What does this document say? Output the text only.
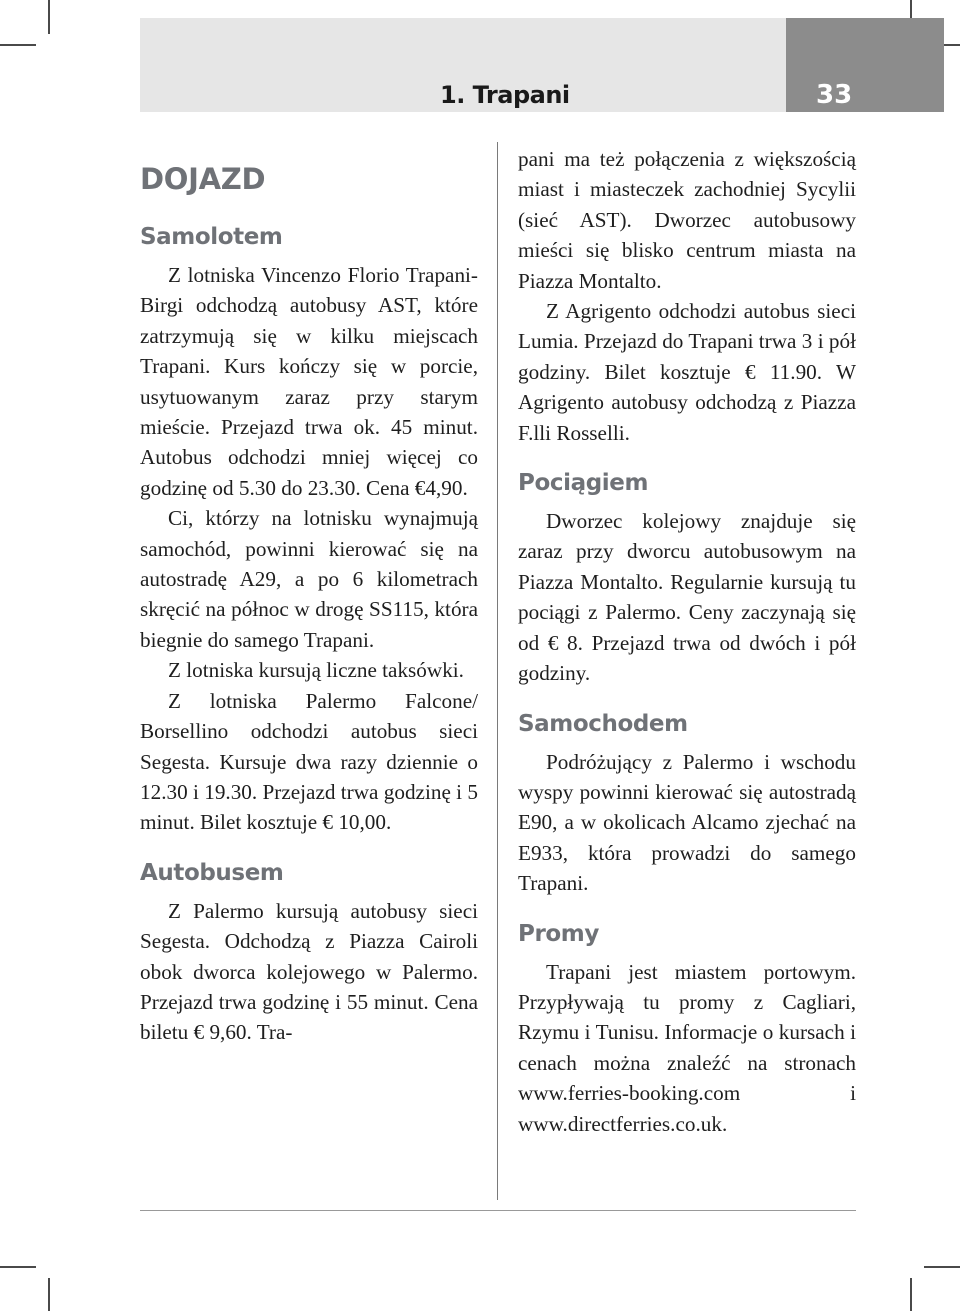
1. Trapani	33
DOJAZD
Samolotem

Z lotniska Vincenzo Florio Trapani-Birgi odchodzą autobusy AST, które zatrzymują się w kilku miejscach Trapani. Kurs kończy się w porcie, usytuowanym zaraz przy starym mieście. Przejazd trwa ok. 45 minut. Autobus odchodzi mniej więcej co godzinę od 5.30 do 23.30. Cena €4,90.

Ci, którzy na lotnisku wynajmują samochód, powinni kierować się na autostradę A29, a po 6 kilometrach skręcić na północ w drogę SS115, która biegnie do samego Trapani.

Z lotniska kursują liczne taksówki.

Z lotniska Palermo Falcone/ Borsellino odchodzi autobus sieci Segesta. Kursuje dwa razy dziennie o 12.30 i 19.30. Przejazd trwa godzinę i 5 minut. Bilet kosztuje € 10,00.

Autobusem

Z Palermo kursują autobusy sieci Segesta. Odchodzą z Piazza Cairoli obok dworca kolejowego w Palermo. Przejazd trwa godzinę i 55 minut. Cena biletu € 9,60. Tra-

pani ma też połączenia z większością miast i miasteczek zachodniej Sycylii (sieć AST). Dworzec autobusowy mieści się blisko centrum miasta na Piazza Montalto.

Z Agrigento odchodzi autobus sieci Lumia. Przejazd do Trapani trwa 3 i pół godziny. Bilet kosztuje € 11.90. W Agrigento autobusy odchodzą z Piazza F.lli Rosselli.

Pociągiem

Dworzec kolejowy znajduje się zaraz przy dworcu autobusowym na Piazza Montalto. Regularnie kursują tu pociągi z Palermo. Ceny zaczynają się od € 8. Przejazd trwa od dwóch i pół godziny.

Samochodem

Podróżujący z Palermo i wschodu wyspy powinni kierować się autostradą E90, a w okolicach Alcamo zjechać na E933, która prowadzi do samego Trapani.

Promy

Trapani jest miastem portowym. Przypływają tu promy z Cagliari, Rzymu i Tunisu. Informacje o kursach i cenach można znaleźć na stronach www.ferries-booking.com i www.directferries.co.uk.
